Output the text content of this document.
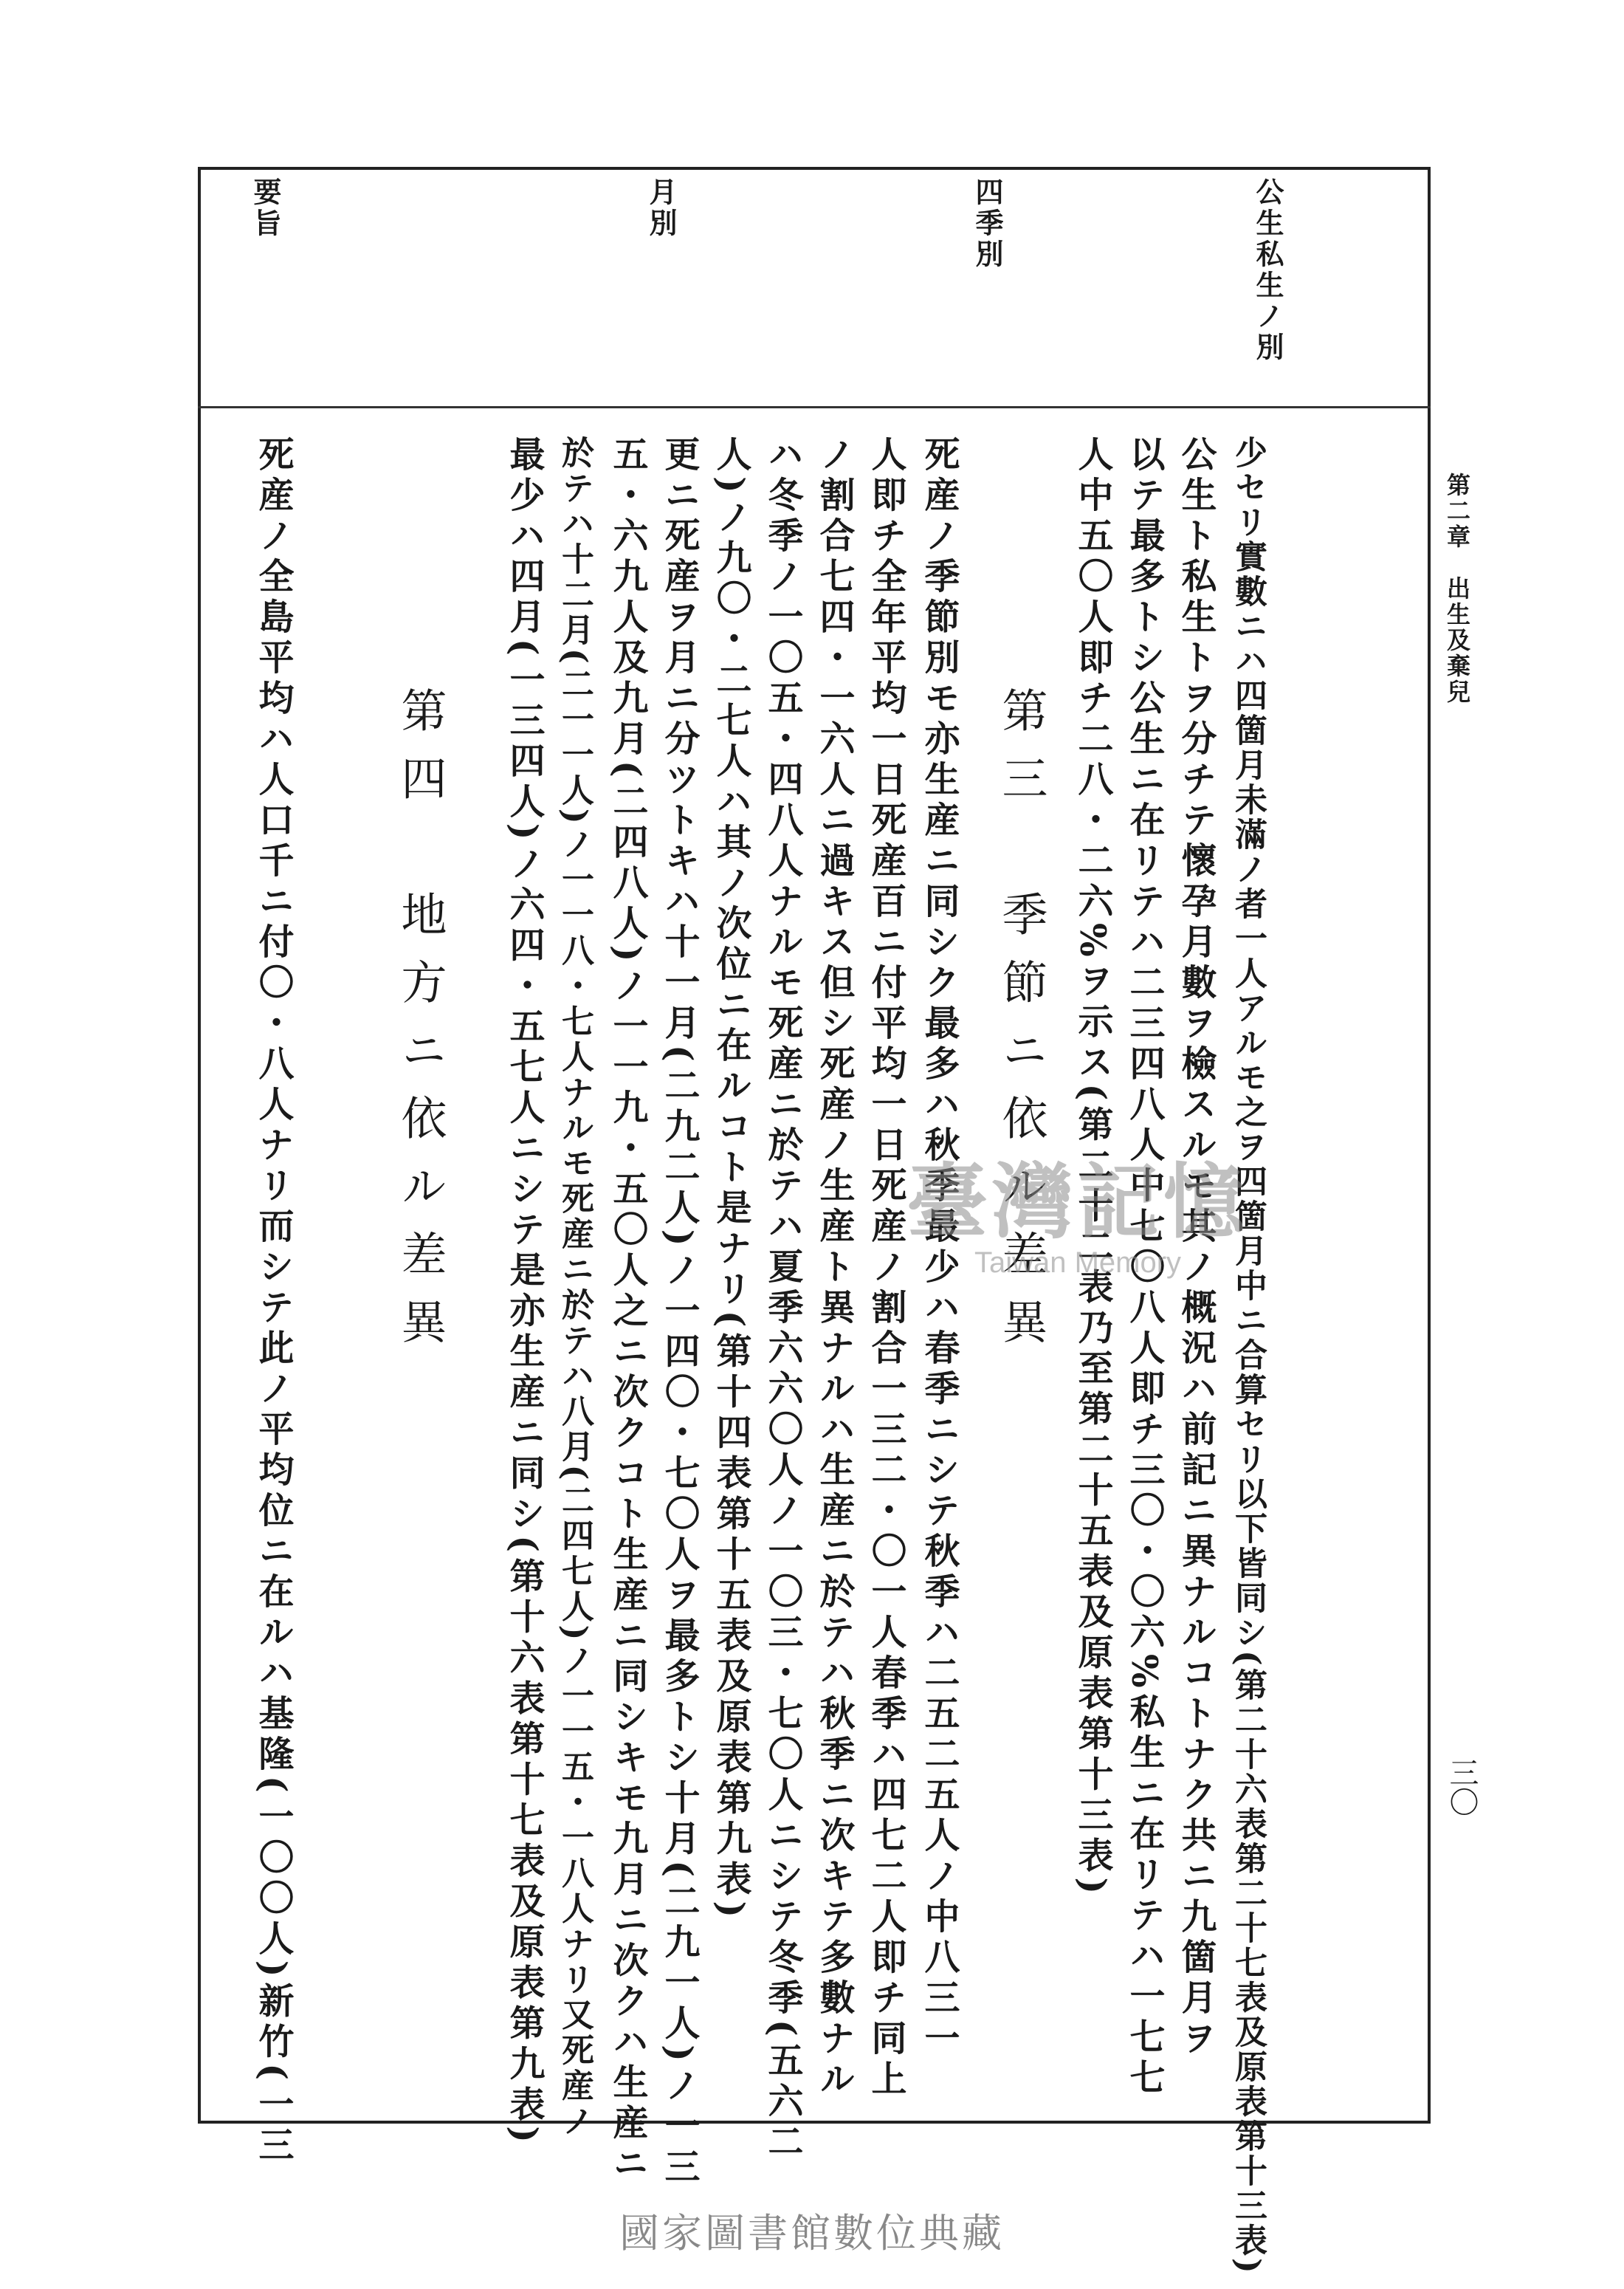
第二章　出生及棄兒
三〇
公生私生ノ別
四季別
月別
要旨
少セリ實數ニハ四箇月未滿ノ者一人アルモ之ヲ四箇月中ニ合算セリ以下皆同シ(第二十六表第二十七表及原表第十三表)
公生ト私生トヲ分チテ懷孕月數ヲ檢スルモ其ノ概況ハ前記ニ異ナルコトナク共ニ九箇月ヲ
以テ最多トシ公生ニ在リテハ二三四八人中七〇八人即チ三〇・〇六%私生ニ在リテハ一七七
人中五〇人即チ二八・二六%ヲ示ス(第二十二表乃至第二十五表及原表第十三表)
第三　季節ニ依ル差異
死産ノ季節別モ亦生産ニ同シク最多ハ秋季最少ハ春季ニシテ秋季ハ二五二五人ノ中八三一
人即チ全年平均一日死産百ニ付平均一日死産ノ割合一三二・〇一人春季ハ四七二人即チ同上
ノ割合七四・一六人ニ過キス但シ死産ノ生産ト異ナルハ生産ニ於テハ秋季ニ次キテ多數ナル
ハ冬季ノ一〇五・四八人ナルモ死産ニ於テハ夏季六六〇人ノ一〇三・七〇人ニシテ冬季(五六二
人)ノ九〇・二七人ハ其ノ次位ニ在ルコト是ナリ(第十四表第十五表及原表第九表)
更ニ死産ヲ月ニ分ツトキハ十一月(二九二人)ノ一四〇・七〇人ヲ最多トシ十月(二九一人)ノ一三
五・六九人及九月(二四八人)ノ一一九・五〇人之ニ次クコト生産ニ同シキモ九月ニ次クハ生産ニ
於テハ十二月(二一一人)ノ一一八・七人ナルモ死産ニ於テハ八月(二四七人)ノ一一五・一八人ナリ又死産ノ
最少ハ四月(一三四人)ノ六四・五七人ニシテ是亦生産ニ同シ(第十六表第十七表及原表第九表)
第四　地方ニ依ル差異
死産ノ全島平均ハ人口千ニ付〇・八人ナリ而シテ此ノ平均位ニ在ルハ基隆(一〇〇人)新竹(一三	臺灣記憶
Taiwan Memory
國家圖書館數位典藏
